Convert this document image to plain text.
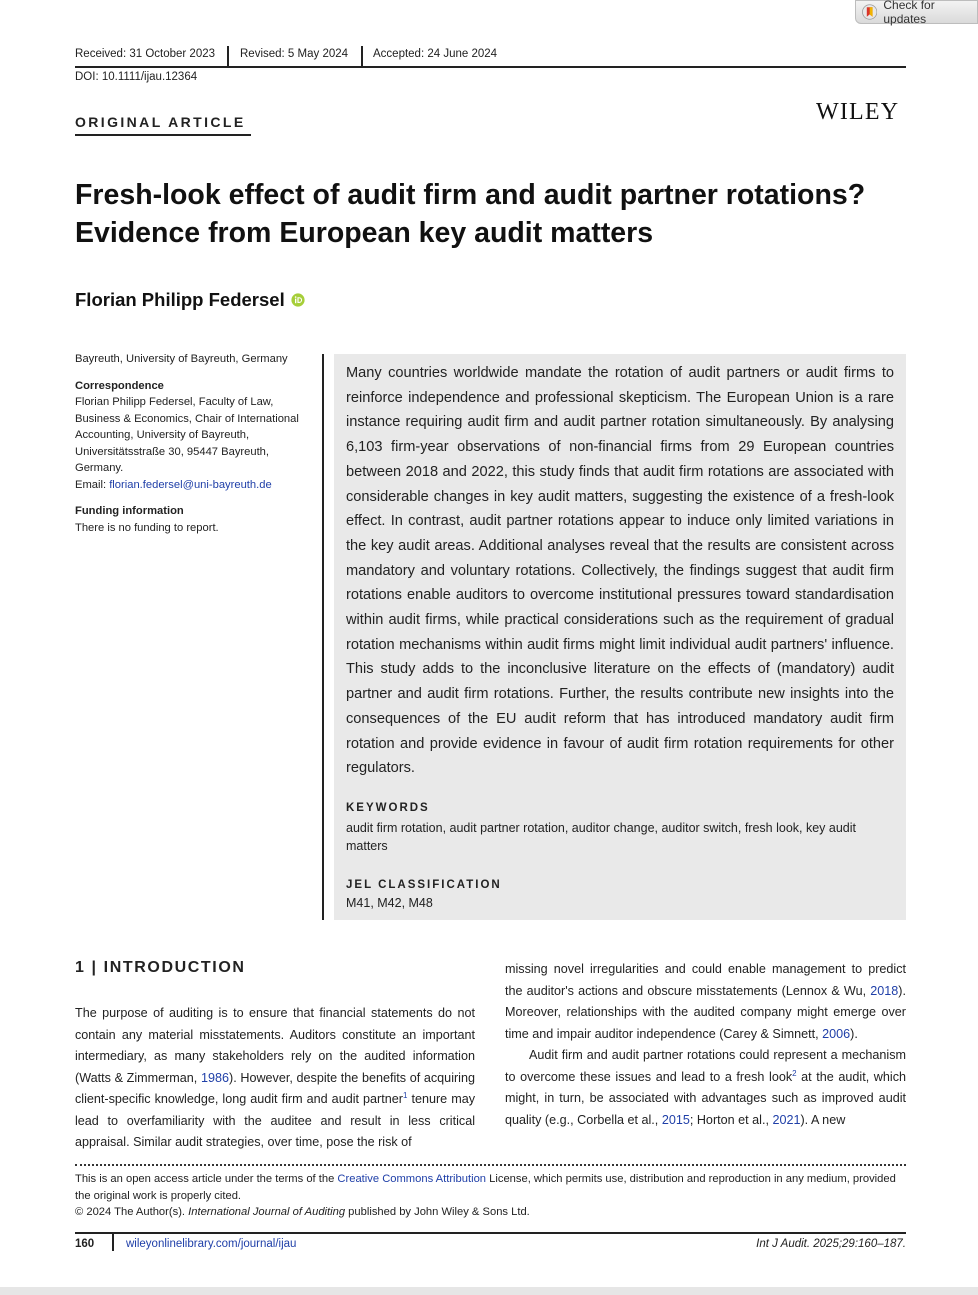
Check for updates
Received: 31 October 2023 Revised: 5 May 2024 Accepted: 24 June 2024
DOI: 10.1111/ijau.12364
ORIGINAL ARTICLE	WILEY
Fresh-look effect of audit firm and audit partner rotations?
Evidence from European key audit matters
Florian Philipp Federsel
Bayreuth, University of Bayreuth, Germany
Correspondence
Florian Philipp Federsel, Faculty of Law, Business & Economics, Chair of International Accounting, University of Bayreuth, Universitätsstraße 30, 95447 Bayreuth, Germany.
Email: florian.federsel@uni-bayreuth.de
Funding information
There is no funding to report.
Many countries worldwide mandate the rotation of audit partners or audit firms to reinforce independence and professional skepticism. The European Union is a rare instance requiring audit firm and audit partner rotation simultaneously. By analysing 6,103 firm-year observations of non-financial firms from 29 European countries between 2018 and 2022, this study finds that audit firm rotations are associated with considerable changes in key audit matters, suggesting the existence of a fresh-look effect. In contrast, audit partner rotations appear to induce only limited variations in the key audit areas. Additional analyses reveal that the results are consistent across mandatory and voluntary rotations. Collectively, the findings suggest that audit firm rotations enable auditors to overcome institutional pressures toward standardisation within audit firms, while practical considerations such as the requirement of gradual rotation mechanisms within audit firms might limit individual audit partners' influence. This study adds to the inconclusive literature on the effects of (mandatory) audit partner and audit firm rotations. Further, the results contribute new insights into the consequences of the EU audit reform that has introduced mandatory audit firm rotation and provide evidence in favour of audit firm rotation requirements for other regulators.
KEYWORDS
audit firm rotation, audit partner rotation, auditor change, auditor switch, fresh look, key audit matters
JEL CLASSIFICATION
M41, M42, M48
1 | INTRODUCTION
The purpose of auditing is to ensure that financial statements do not contain any material misstatements. Auditors constitute an important intermediary, as many stakeholders rely on the audited information (Watts & Zimmerman, 1986). However, despite the benefits of acquiring client-specific knowledge, long audit firm and audit partner$^1$ tenure may lead to overfamiliarity with the auditee and result in less critical appraisal. Similar audit strategies, over time, pose the risk of
missing novel irregularities and could enable management to predict the auditor's actions and obscure misstatements (Lennox & Wu, 2018). Moreover, relationships with the audited company might emerge over time and impair auditor independence (Carey & Simnett, 2006).
Audit firm and audit partner rotations could represent a mechanism to overcome these issues and lead to a fresh look$^2$ at the audit, which might, in turn, be associated with advantages such as improved audit quality (e.g., Corbella et al., 2015; Horton et al., 2021). A new
This is an open access article under the terms of the Creative Commons Attribution License, which permits use, distribution and reproduction in any medium, provided the original work is properly cited.
© 2024 The Author(s). International Journal of Auditing published by John Wiley & Sons Ltd.
160	wileyonlinelibrary.com/journal/ijau	Int J Audit. 2025;29:160–187.
